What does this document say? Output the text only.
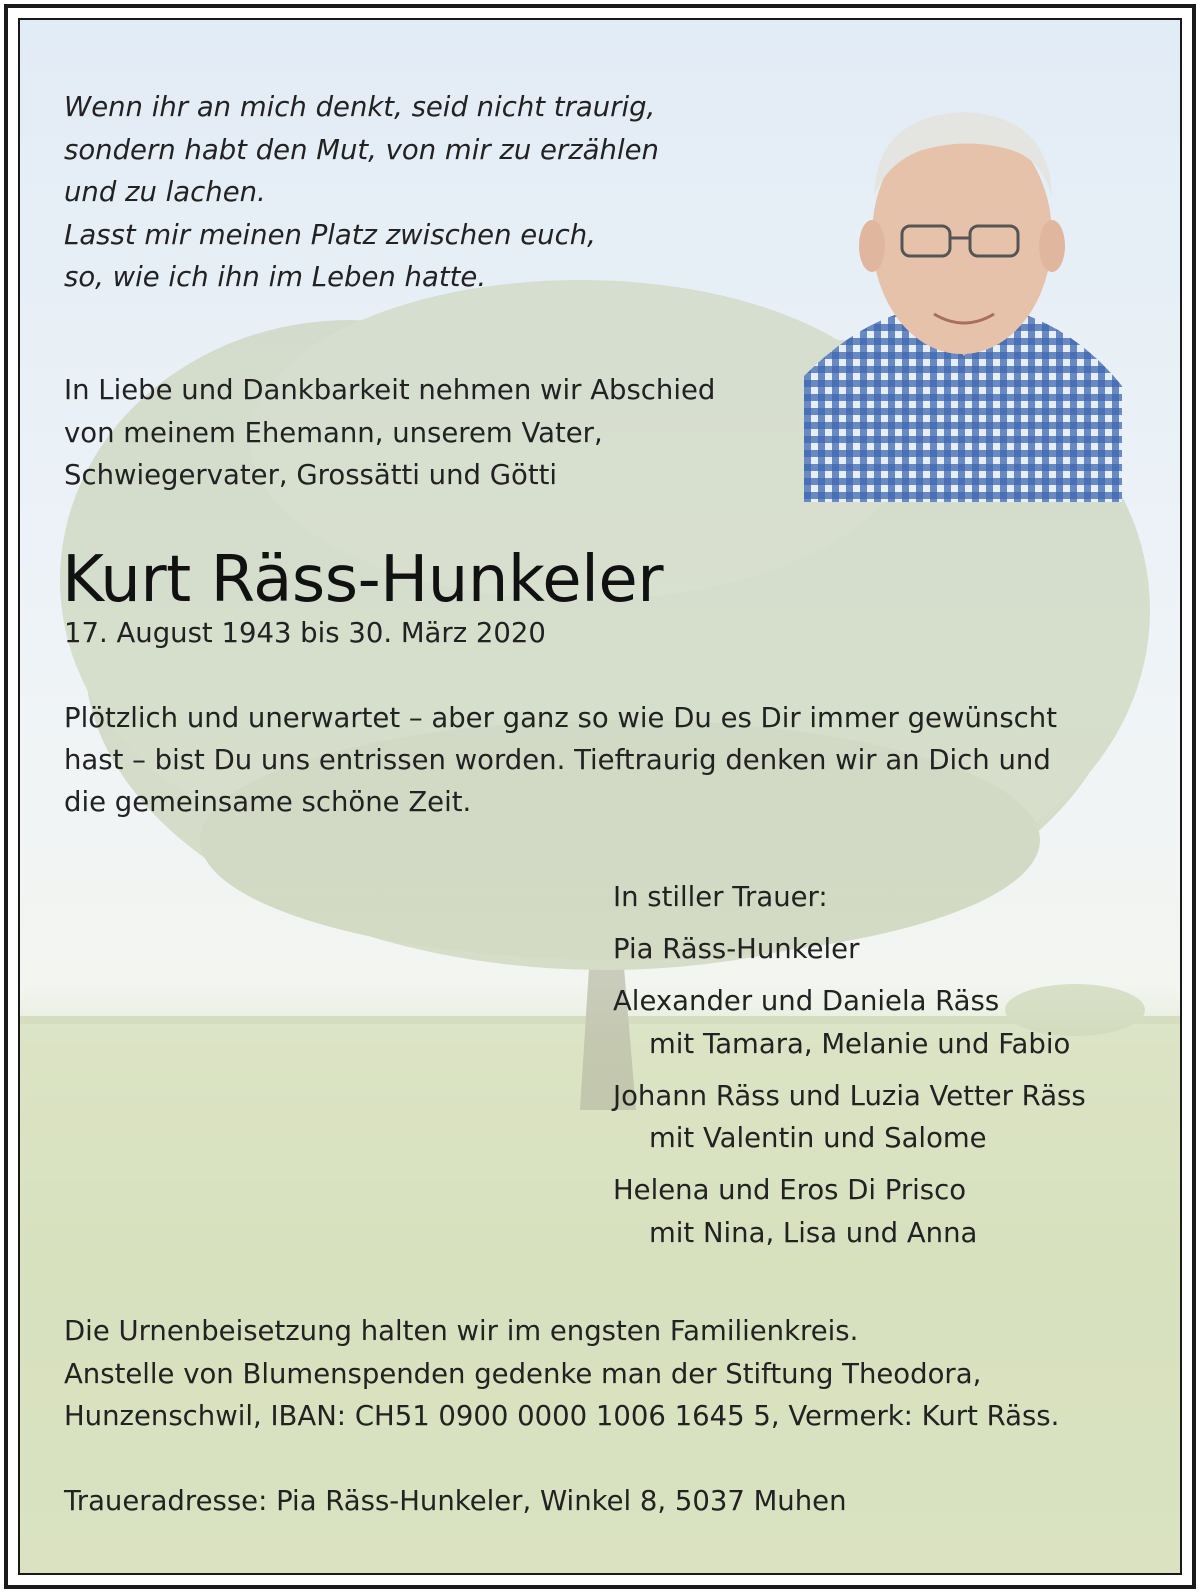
Wenn ihr an mich denkt, seid nicht traurig,
sondern habt den Mut, von mir zu erzählen
und zu lachen.
Lasst mir meinen Platz zwischen euch,
so, wie ich ihn im Leben hatte.
In Liebe und Dankbarkeit nehmen wir Abschied
von meinem Ehemann, unserem Vater,
Schwiegervater, Grossätti und Götti
Kurt Räss-Hunkeler
17. August 1943 bis 30. März 2020
Plötzlich und unerwartet – aber ganz so wie Du es Dir immer gewünscht
hast – bist Du uns entrissen worden. Tieftraurig denken wir an Dich und
die gemeinsame schöne Zeit.
In stiller Trauer:
Pia Räss-Hunkeler
Alexander und Daniela Räss
mit Tamara, Melanie und Fabio
Johann Räss und Luzia Vetter Räss
mit Valentin und Salome
Helena und Eros Di Prisco
mit Nina, Lisa und Anna
Die Urnenbeisetzung halten wir im engsten Familienkreis.
Anstelle von Blumenspenden gedenke man der Stiftung Theodora,
Hunzenschwil, IBAN: CH51 0900 0000 1006 1645 5, Vermerk: Kurt Räss.
Traueradresse: Pia Räss-Hunkeler, Winkel 8, 5037 Muhen
